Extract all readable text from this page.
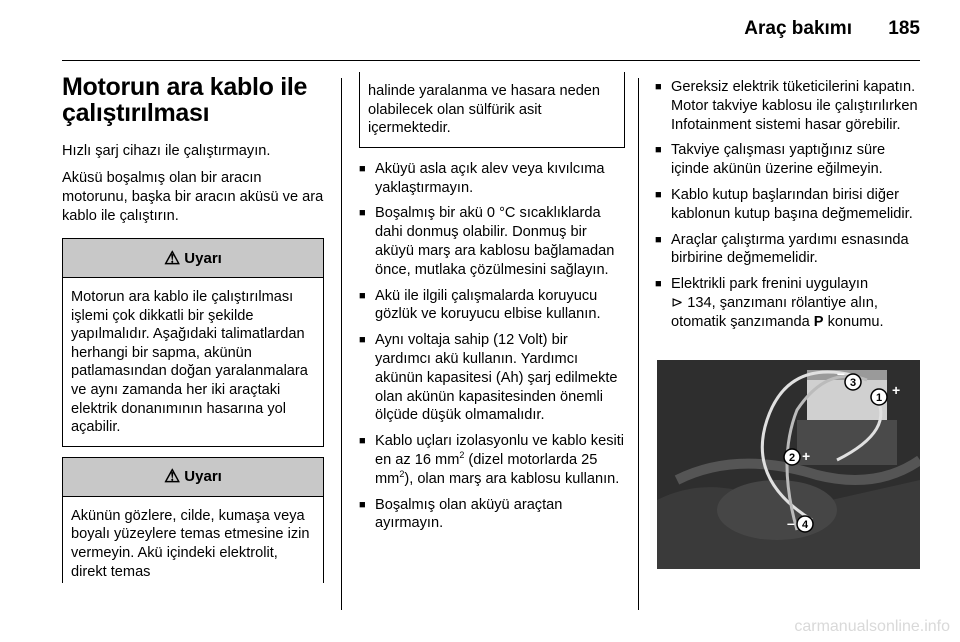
Araç bakımı 185
Motorun ara kablo ile çalıştırılması

Hızlı şarj cihazı ile çalıştırmayın.

Aküsü boşalmış olan bir aracın motorunu, başka bir aracın aküsü ve ara kablo ile çalıştırın.

⚠ Uyarı
Motorun ara kablo ile çalıştırılması işlemi çok dikkatli bir şekilde yapılmalıdır. Aşağıdaki talimatlardan herhangi bir sapma, akünün patlamasından doğan yaralanmalara ve aynı zamanda her iki araçtaki elektrik donanımının hasarına yol açabilir.
⚠ Uyarı
Akünün gözlere, cilde, kumaşa veya boyalı yüzeylere temas etmesine izin vermeyin. Akü içindeki elektrolit, direkt temas
halinde yaralanma ve hasara neden olabilecek olan sülfürik asit içermektedir.
■ Aküyü asla açık alev veya kıvılcıma yaklaştırmayın.
■ Boşalmış bir akü 0 °C sıcaklıklarda dahi donmuş olabilir. Donmuş bir aküyü marş ara kablosu bağlamadan önce, mutlaka çözülmesini sağlayın.
■ Akü ile ilgili çalışmalarda koruyucu gözlük ve koruyucu elbise kullanın.
■ Aynı voltaja sahip (12 Volt) bir yardımcı akü kullanın. Yardımcı akünün kapasitesi (Ah) şarj edilmekte olan akünün kapasitesinden önemli ölçüde düşük olmamalıdır.
■ Kablo uçları izolasyonlu ve kablo kesiti en az 16 $mm^2$ (dizel motorlarda 25 $mm^2$), olan marş ara kablosu kullanın.
■ Boşalmış olan aküyü araçtan ayırmayın.
■ Gereksiz elektrik tüketicilerini kapatın. Motor takviye kablosu ile çalıştırılırken Infotainment sistemi hasar görebilir.
■ Takviye çalışması yaptığınız süre içinde akünün üzerine eğilmeyin.
■ Kablo kutup başlarından birisi diğer kablonun kutup başına değmemelidir.
■ Araçlar çalıştırma yardımı esnasında birbirine değmemelidir.
■ Elektrikli park frenini uygulayın
⊳ 134, şanzımanı rölantiye alın, otomatik şanzımanda P konumu.
3
1
2
4
+
+
–
–
carmanualsonline.info
